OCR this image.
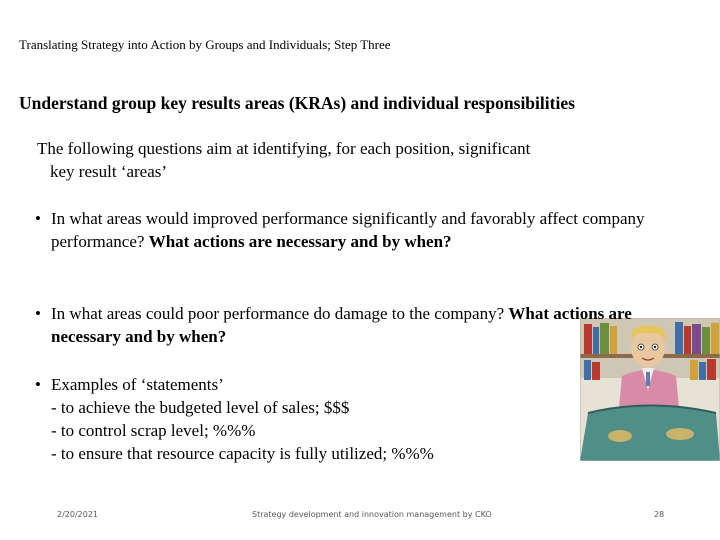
Translating Strategy into Action by Groups and Individuals; Step Three
Understand group key results areas (KRAs) and individual responsibilities
The following questions aim at identifying, for each position, significant
key result ‘areas’
• In what areas would improved performance significantly and favorably affect company performance? What actions are necessary and by when?
• In what areas could poor performance do damage to the company? What actions are necessary and by when?
• Examples of ‘statements’
- to achieve the budgeted level of sales; $$$
- to control scrap level; %%%
- to ensure that resource capacity is fully utilized; %%%
2/20/2021	Strategy development and innovation management by CKO	28
